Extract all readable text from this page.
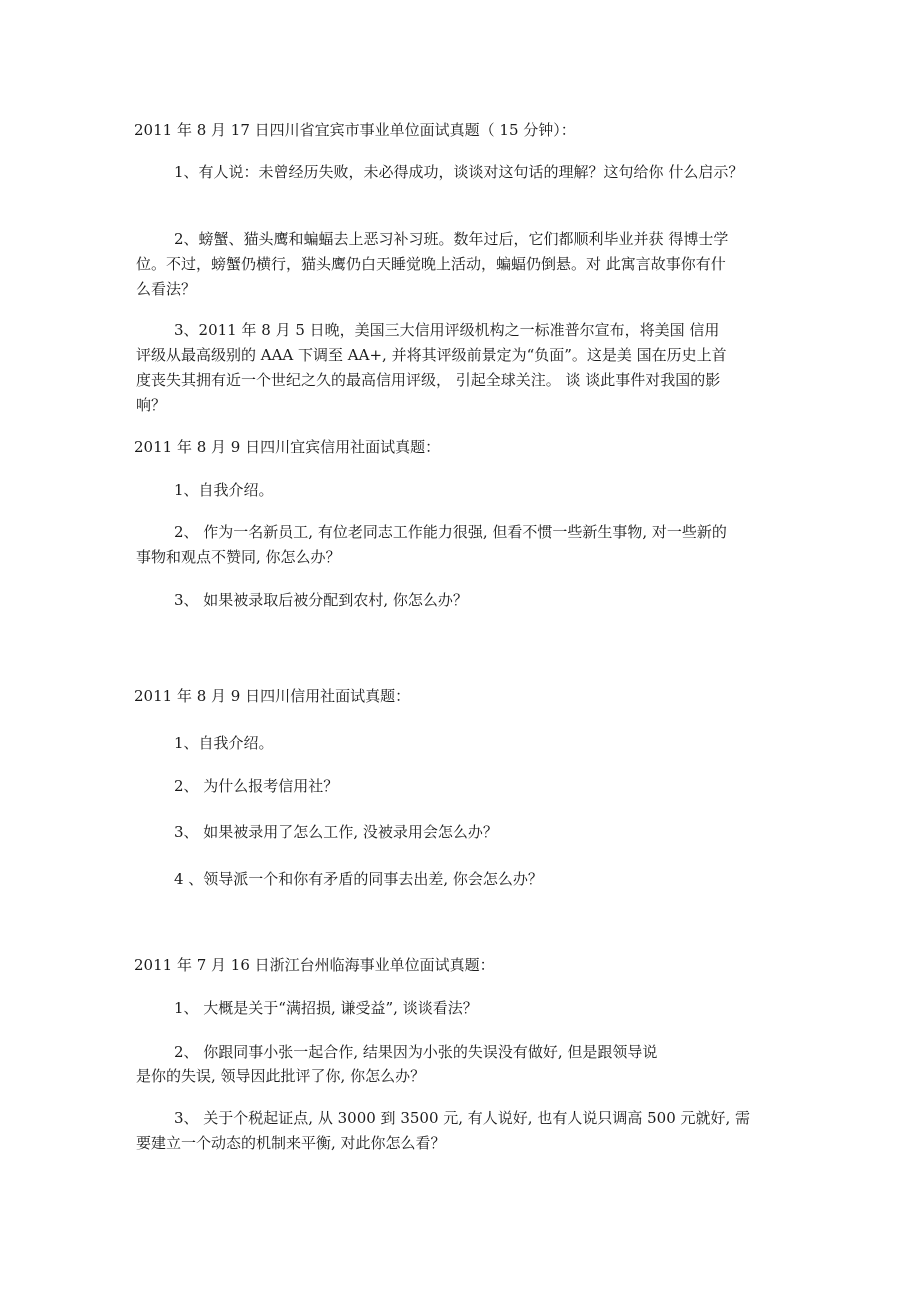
2011 年 8 月 17 日四川省宜宾市事业单位面试真题（ 15 分钟）：
1、有人说：未曾经历失败，未必得成功，谈谈对这句话的理解？这句给你 什么启示？
2、螃蟹、猫头鹰和蝙蝠去上恶习补习班。数年过后，它们都顺利毕业并获 得博士学
位。不过，螃蟹仍横行，猫头鹰仍白天睡觉晚上活动，蝙蝠仍倒悬。对 此寓言故事你有什
么看法？
3、2011 年 8 月 5 日晚，美国三大信用评级机构之一标准普尔宣布，将美国 信用
评级从最高级别的 AAA 下调至 AA+, 并将其评级前景定为“负面”。这是美 国在历史上首
度丧失其拥有近一个世纪之久的最高信用评级， 引起全球关注。 谈 谈此事件对我国的影
响？
2011 年 8 月 9 日四川宜宾信用社面试真题：
1、自我介绍。
2、 作为一名新员工, 有位老同志工作能力很强, 但看不惯一些新生事物, 对一些新的
事物和观点不赞同, 你怎么办？
3、 如果被录取后被分配到农村, 你怎么办？
2011 年 8 月 9 日四川信用社面试真题：
1、自我介绍。
2、 为什么报考信用社？
3、 如果被录用了怎么工作, 没被录用会怎么办？
4 、领导派一个和你有矛盾的同事去出差, 你会怎么办？
2011 年 7 月 16 日浙江台州临海事业单位面试真题：
1、 大概是关于“满招损, 谦受益”, 谈谈看法？
2、 你跟同事小张一起合作, 结果因为小张的失误没有做好, 但是跟领导说
是你的失误, 领导因此批评了你, 你怎么办？
3、 关于个税起证点, 从 3000 到 3500 元, 有人说好, 也有人说只调高 500 元就好, 需
要建立一个动态的机制来平衡, 对此你怎么看？
